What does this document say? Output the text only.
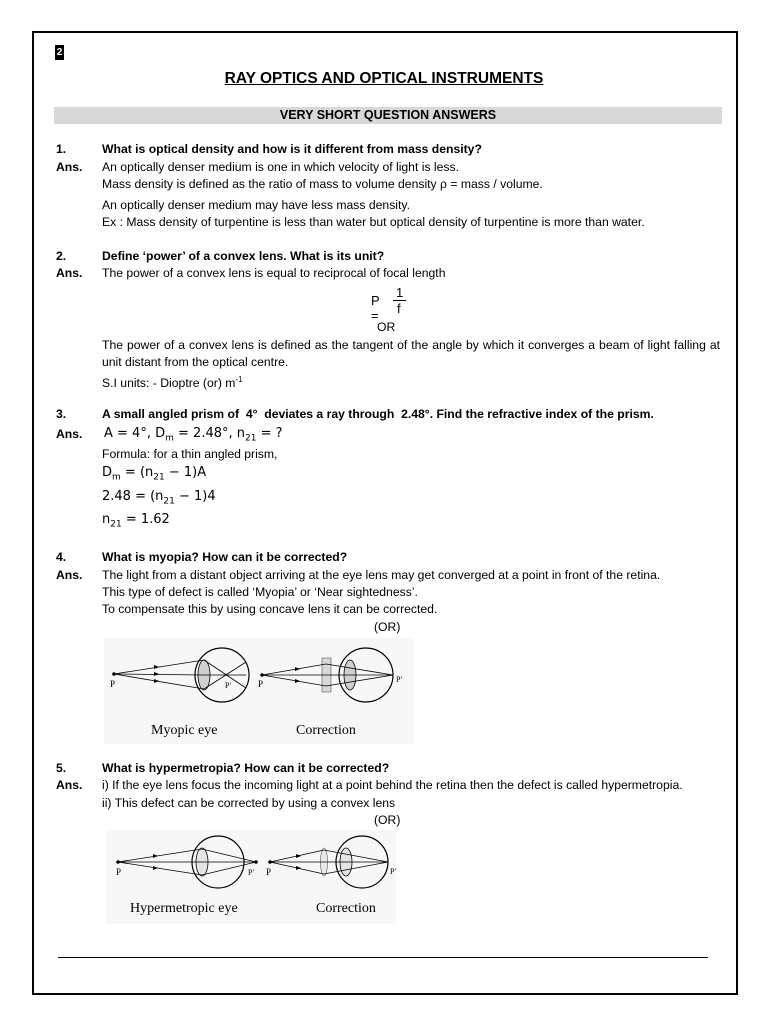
2
RAY OPTICS AND OPTICAL INSTRUMENTS
VERY SHORT QUESTION ANSWERS
1.	What is optical density and how is it different from mass density?
Ans. An optically denser medium is one in which velocity of light is less.
Mass density is defined as the ratio of mass to volume density ρ = mass / volume.
An optically denser medium may have less mass density.
Ex : Mass density of turpentine is less than water but optical density of turpentine is more than water.
2.	Define ‘power’ of a convex lens. What is its unit?
Ans. The power of a convex lens is equal to reciprocal of focal length
P =
1
f
OR
The power of a convex lens is defined as the tangent of the angle by which it converges a beam of light falling at unit distant from the optical centre.
S.I units: - Dioptre (or) $m^{-1}$
3.	A small angled prism of 4° deviates a ray through 2.48°. Find the refractive index of the prism.
Ans. A = 4°, $D_m = 2.48^\circ$, $n_{21}$ = ?
Formula: for a thin angled prism,
$D_m = (n_{21} - 1)A$
$2.48 = (n_{21} - 1)4$
$n_{21} = 1.62$
4.	What is myopia? How can it be corrected?
Ans. The light from a distant object arriving at the eye lens may get converged at a point in front of the retina.
This type of defect is called ‘Myopia’ or ‘Near sightedness’.
To compensate this by using concave lens it can be corrected.
(OR)
P	P′	P	P′
Myopic eye	Correction
5.	What is hypermetropia? How can it be corrected?
Ans. i) If the eye lens focus the incoming light at a point behind the retina then the defect is called hypermetropia.
ii) This defect can be corrected by using a convex lens
(OR)
P	P′ P	P′
Hypermetropic eye	Correction
